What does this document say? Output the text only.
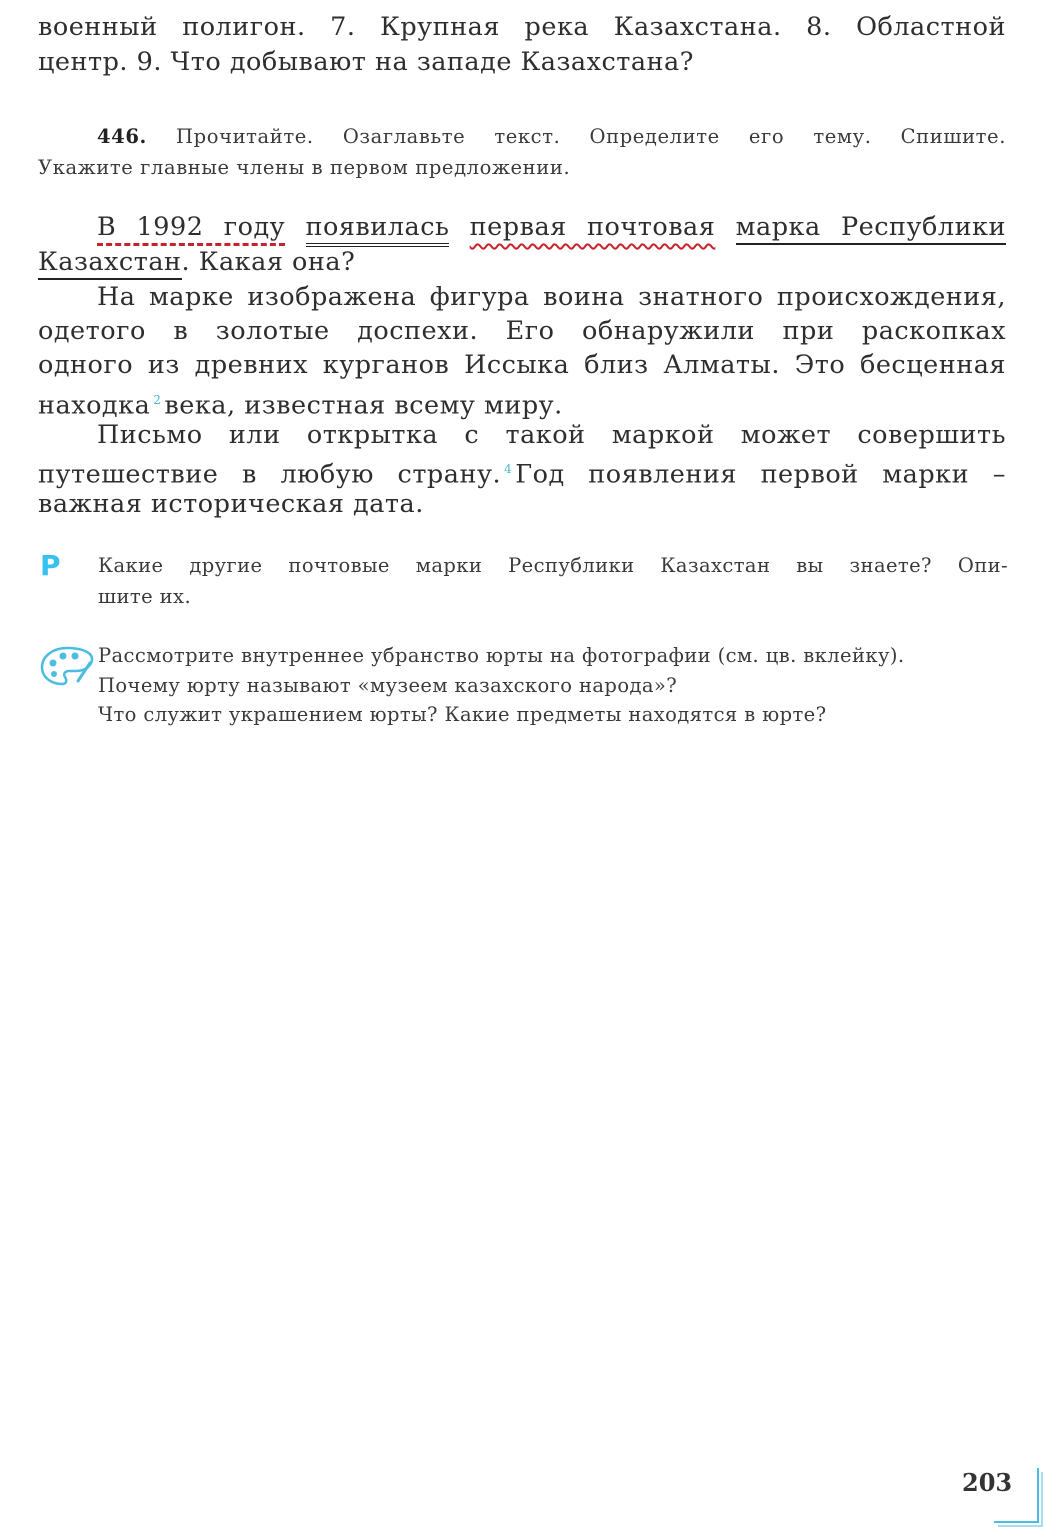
военный полигон. 7. Крупная река Казахстана. 8. Областной
центр. 9. Что добывают на западе Казахстана?
446. Прочитайте. Озаглавьте текст. Определите его тему. Спишите.
Укажите главные члены в первом предложении.
В 1992 году появилась первая почтовая марка Республики
Казахстан. Какая она?
На марке изображена фигура воина знатного происхождения,
одетого в золотые доспехи. Его обнаружили при раскопках
одного из древних курганов Иссыка близ Алматы. Это бесценная
находка $^2$ века, известная всему миру.
Письмо или открытка с такой маркой может совершить
путешествие в любую страну. $^4$ Год появления первой марки –
важная историческая дата.
Р Какие другие почтовые марки Республики Казахстан вы знаете? Опи-
шите их.
Рассмотрите внутреннее убранство юрты на фотографии (см. цв. вклейку).
Почему юрту называют «музеем казахского народа»?
Что служит украшением юрты? Какие предметы находятся в юрте?
203
